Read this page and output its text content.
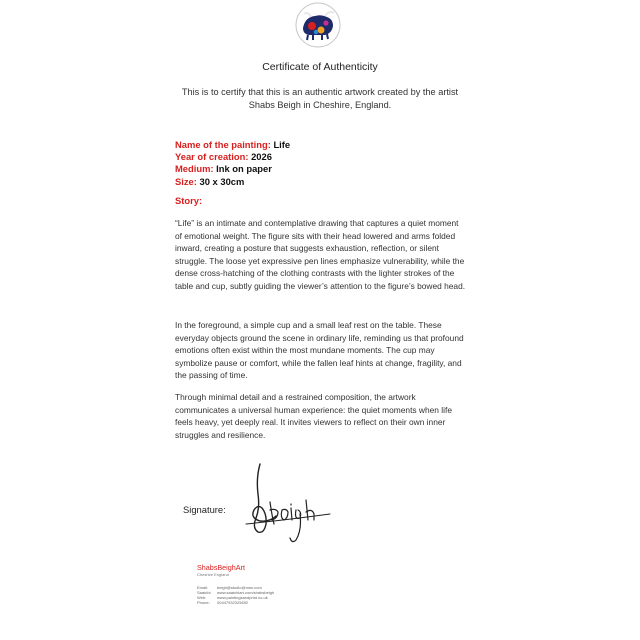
Certificate of Authenticity
This is to certify that this is an authentic artwork created by the artist
Shabs Beigh in Cheshire, England.
Name of the painting: Life
Year of creation: 2026
Medium: Ink on paper
Size: 30 x 30cm
Story:

“Life” is an intimate and contemplative drawing that captures a quiet moment of emotional weight. The figure sits with their head lowered and arms folded inward, creating a posture that suggests exhaustion, reflection, or silent struggle. The loose yet expressive pen lines emphasize vulnerability, while the dense cross-hatching of the clothing contrasts with the lighter strokes of the table and cup, subtly guiding the viewer’s attention to the figure’s bowed head.

In the foreground, a simple cup and a small leaf rest on the table. These everyday objects ground the scene in ordinary life, reminding us that profound emotions often exist within the most mundane moments. The cup may symbolize pause or comfort, while the fallen leaf hints at change, fragility, and the passing of time.

Through minimal detail and a restrained composition, the artwork communicates a universal human experience: the quiet moments when life feels heavy, yet deeply real. It invites viewers to reflect on their own inner struggles and resilience.

Signature:
ShabsBeighArt
Cheshire England
Email:	beigh@studio@msn.com
Saatchi:	www.saatchiart.com/shabsbeigh
Web:	www.paintingsandprint.co.uk
Phone:	00447932325692
